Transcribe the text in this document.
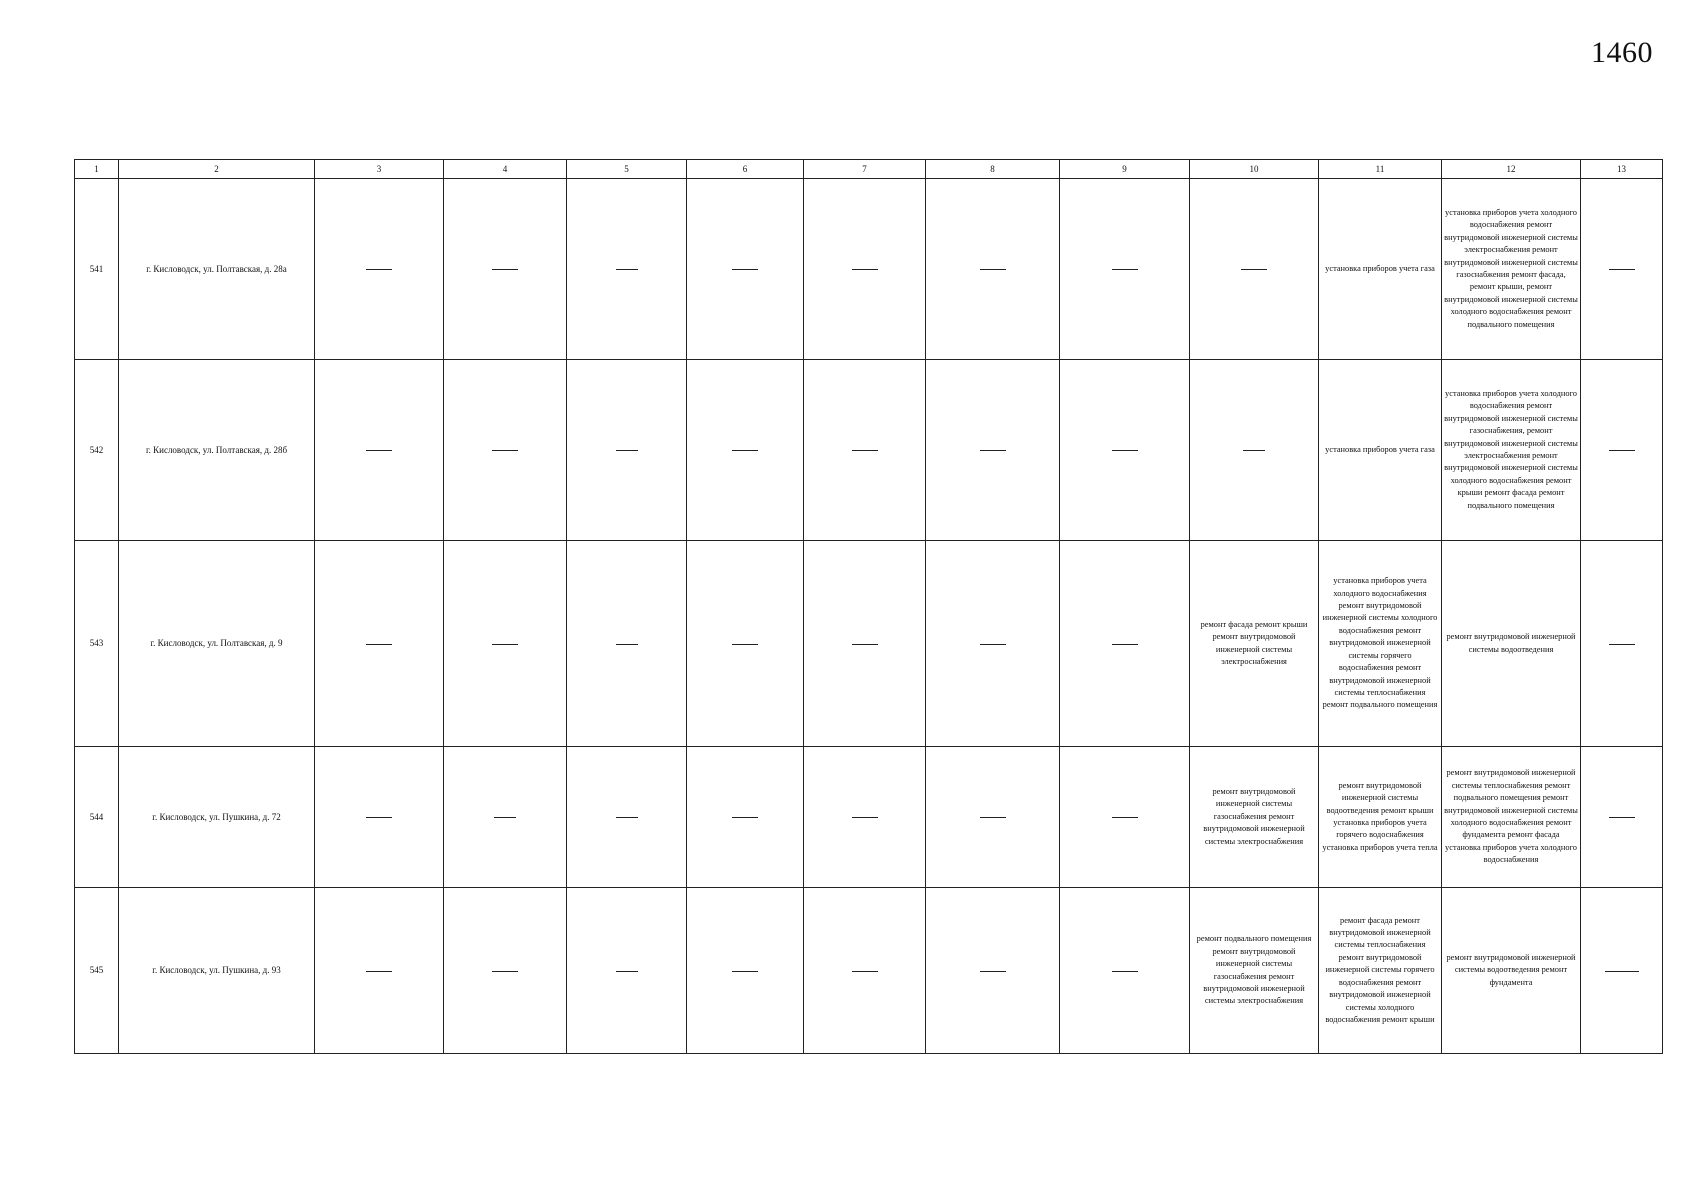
1460
1	2	3	4	5	6	7	8	9	10	11	12	13
541	г. Кисловодск, ул. Полтавская, д. 28а									установка приборов учета газа	установка приборов учета холодного водоснабжения ремонт внутридомовой инженерной системы электроснабжения ремонт внутридомовой инженерной системы газоснабжения ремонт фасада, ремонт крыши, ремонт внутридомовой инженерной системы холодного водоснабжения ремонт подвального помещения	
542	г. Кисловодск, ул. Полтавская, д. 28б									установка приборов учета газа	установка приборов учета холодного водоснабжения ремонт внутридомовой инженерной системы газоснабжения, ремонт внутридомовой инженерной системы электроснабжения ремонт внутридомовой инженерной системы холодного водоснабжения ремонт крыши ремонт фасада ремонт подвального помещения	
543	г. Кисловодск, ул. Полтавская, д. 9								ремонт фасада ремонт крыши ремонт внутридомовой инженерной системы электроснабжения	установка приборов учета холодного водоснабжения ремонт внутридомовой инженерной системы холодного водоснабжения ремонт внутридомовой инженерной системы горячего водоснабжения ремонт внутридомовой инженерной системы теплоснабжения ремонт подвального помещения	ремонт внутридомовой инженерной системы водоотведения	
544	г. Кисловодск, ул. Пушкина, д. 72								ремонт внутридомовой инженерной системы газоснабжения ремонт внутридомовой инженерной системы электроснабжения	ремонт внутридомовой инженерной системы водоотведения ремонт крыши установка приборов учета горячего водоснабжения установка приборов учета тепла	ремонт внутридомовой инженерной системы теплоснабжения ремонт подвального помещения ремонт внутридомовой инженерной системы холодного водоснабжения ремонт фундамента ремонт фасада установка приборов учета холодного водоснабжения	
545	г. Кисловодск, ул. Пушкина, д. 93								ремонт подвального помещения ремонт внутридомовой инженерной системы газоснабжения ремонт внутридомовой инженерной системы электроснабжения	ремонт фасада ремонт внутридомовой инженерной системы теплоснабжения ремонт внутридомовой инженерной системы горячего водоснабжения ремонт внутридомовой инженерной системы холодного водоснабжения ремонт крыши	ремонт внутридомовой инженерной системы водоотведения ремонт фундамента	
